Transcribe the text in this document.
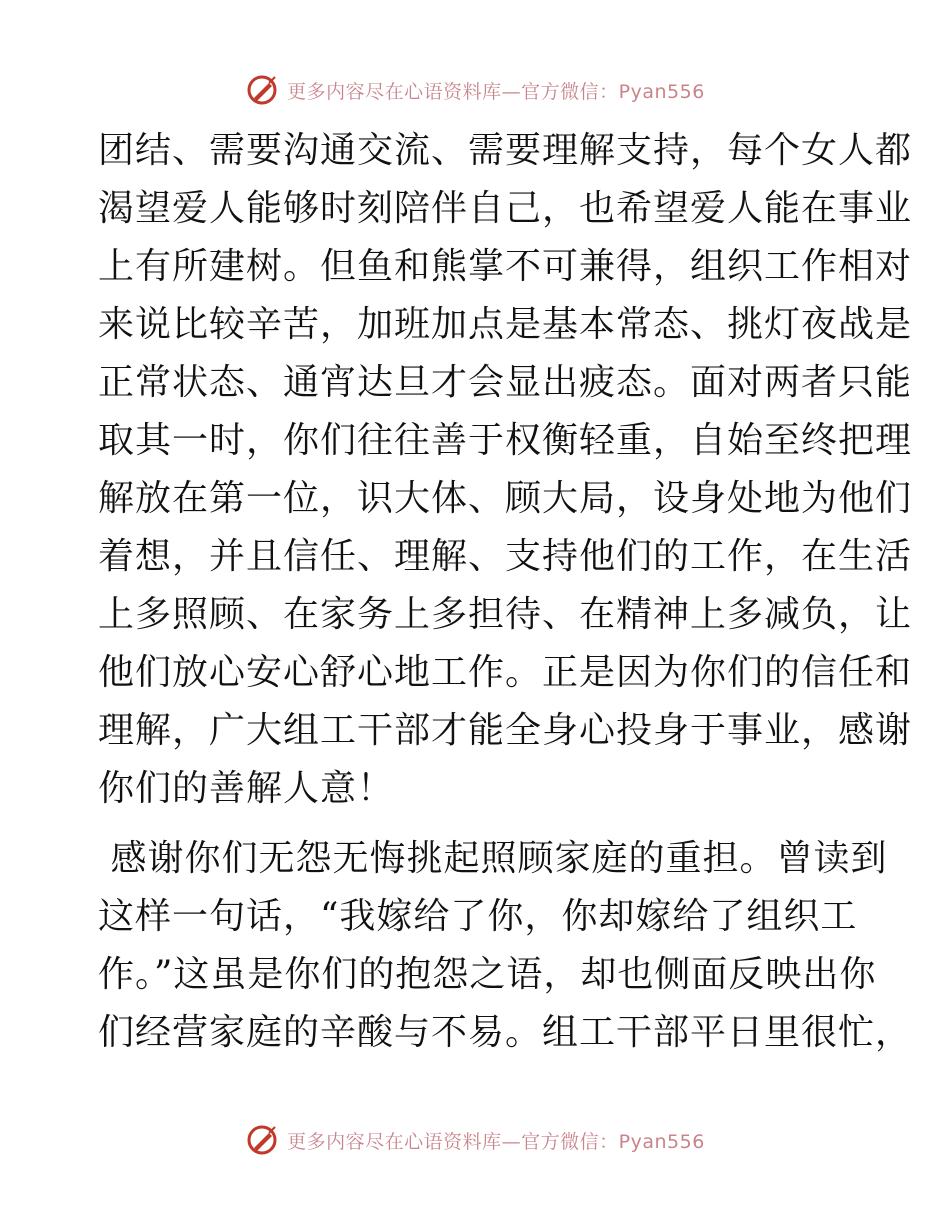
更多内容尽在心语资料库—官方微信：Pyan556
团结、需要沟通交流、需要理解支持，每个女人都
渴望爱人能够时刻陪伴自己，也希望爱人能在事业
上有所建树。但鱼和熊掌不可兼得，组织工作相对
来说比较辛苦，加班加点是基本常态、挑灯夜战是
正常状态、通宵达旦才会显出疲态。面对两者只能
取其一时，你们往往善于权衡轻重，自始至终把理
解放在第一位，识大体、顾大局，设身处地为他们
着想，并且信任、理解、支持他们的工作，在生活
上多照顾、在家务上多担待、在精神上多减负，让
他们放心安心舒心地工作。正是因为你们的信任和
理解，广大组工干部才能全身心投身于事业，感谢
你们的善解人意！
感谢你们无怨无悔挑起照顾家庭的重担。曾读到
这样一句话，“我嫁给了你，你却嫁给了组织工
作。”这虽是你们的抱怨之语，却也侧面反映出你
们经营家庭的辛酸与不易。组工干部平日里很忙，
更多内容尽在心语资料库—官方微信：Pyan556
